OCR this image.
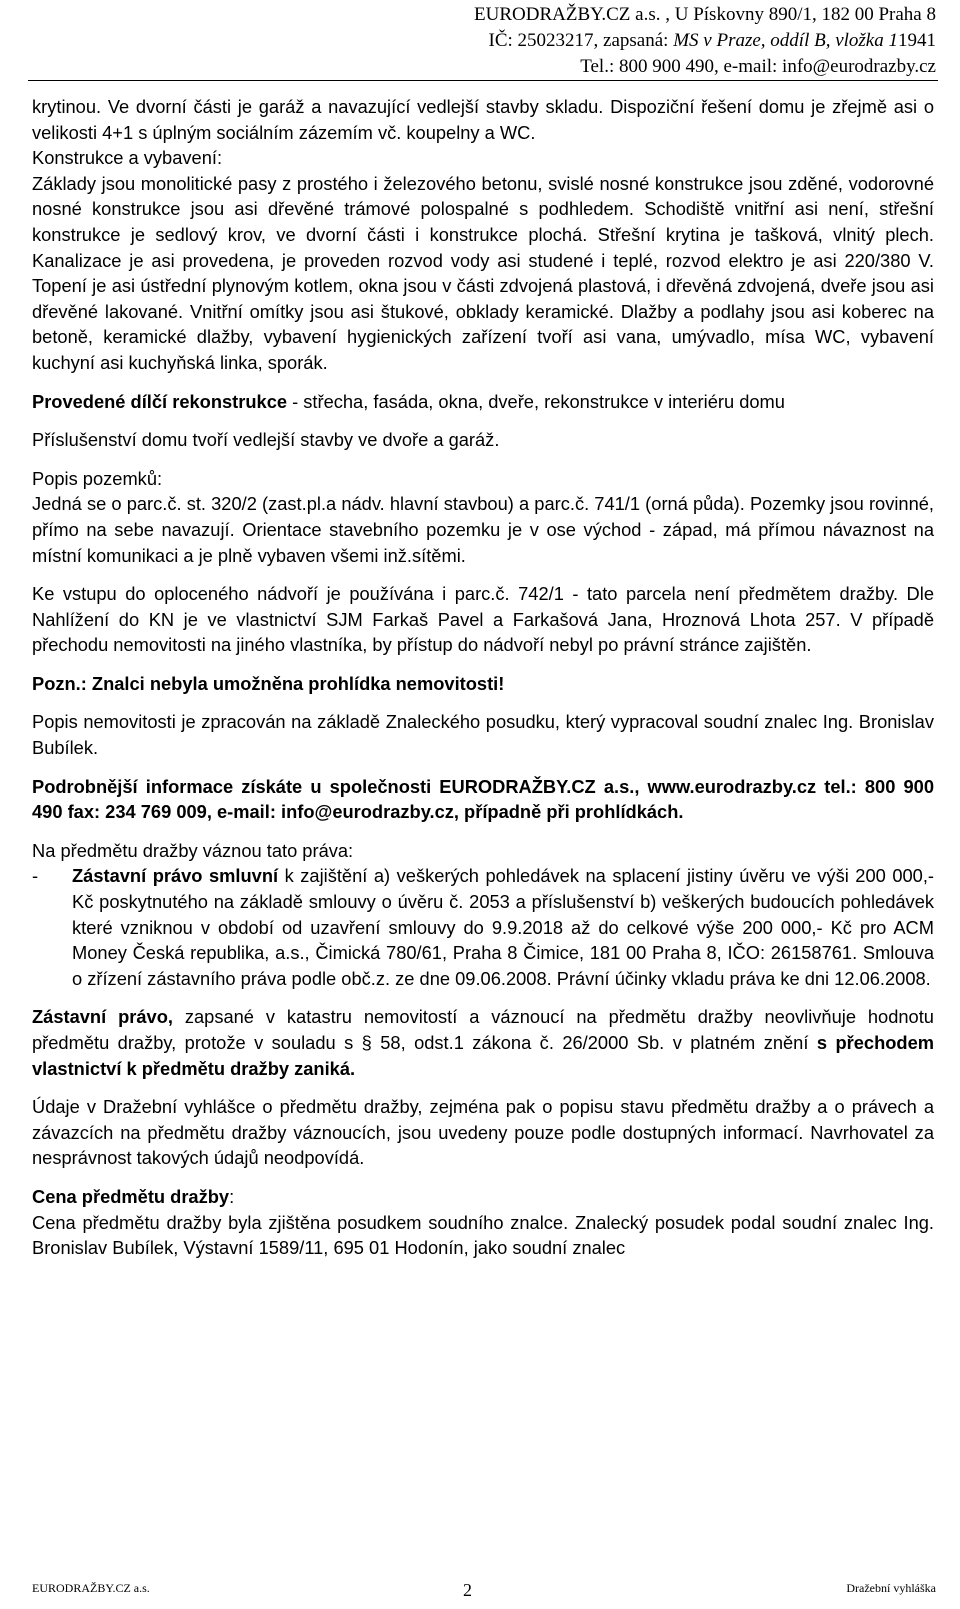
EURODRAŽBY.CZ a.s. , U Pískovny 890/1, 182 00 Praha 8
IČ: 25023217, zapsaná: MS v Praze, oddíl B, vložka 11941
Tel.: 800 900 490, e-mail: info@eurodrazby.cz

krytinou. Ve dvorní části je garáž a navazující vedlejší stavby skladu. Dispoziční řešení domu je zřejmě asi o velikosti 4+1 s úplným sociálním zázemím vč. koupelny a WC.

Konstrukce a vybavení:

Základy jsou monolitické pasy z prostého i železového betonu, svislé nosné konstrukce jsou zděné, vodorovné nosné konstrukce jsou asi dřevěné trámové polospalné s podhledem. Schodiště vnitřní asi není, střešní konstrukce je sedlový krov, ve dvorní části i konstrukce plochá. Střešní krytina je tašková, vlnitý plech. Kanalizace je asi provedena, je proveden rozvod vody asi studené i teplé, rozvod elektro je asi 220/380 V. Topení je asi ústřední plynovým kotlem, okna jsou v části zdvojená plastová, i dřevěná zdvojená, dveře jsou asi dřevěné lakované. Vnitřní omítky jsou asi štukové, obklady keramické. Dlažby a podlahy jsou asi koberec na betoně, keramické dlažby, vybavení hygienických zařízení tvoří asi vana, umývadlo, mísa WC, vybavení kuchyní asi kuchyňská linka, sporák.

Provedené dílčí rekonstrukce - střecha, fasáda, okna, dveře, rekonstrukce v interiéru domu

Příslušenství domu tvoří vedlejší stavby ve dvoře a garáž.

Popis pozemků:

Jedná se o parc.č. st. 320/2 (zast.pl.a nádv. hlavní stavbou) a parc.č. 741/1 (orná půda). Pozemky jsou rovinné, přímo na sebe navazují. Orientace stavebního pozemku je v ose východ - západ, má přímou návaznost na místní komunikaci a je plně vybaven všemi inž.sítěmi.

Ke vstupu do oploceného nádvoří je používána i parc.č. 742/1 - tato parcela není předmětem dražby. Dle Nahlížení do KN je ve vlastnictví SJM Farkaš Pavel a Farkašová Jana, Hroznová Lhota 257. V případě přechodu nemovitosti na jiného vlastníka, by přístup do nádvoří nebyl po právní stránce zajištěn.

Pozn.: Znalci nebyla umožněna prohlídka nemovitosti!

Popis nemovitosti je zpracován na základě Znaleckého posudku, který vypracoval soudní znalec Ing. Bronislav Bubílek.

Podrobnější informace získáte u společnosti EURODRAŽBY.CZ a.s., www.eurodrazby.cz tel.: 800 900 490 fax: 234 769 009, e-mail: info@eurodrazby.cz, případně při prohlídkách.

Na předmětu dražby váznou tato práva:

-	Zástavní právo smluvní k zajištění a) veškerých pohledávek na splacení jistiny úvěru ve výši 200 000,- Kč poskytnutého na základě smlouvy o úvěru č. 2053 a příslušenství b) veškerých budoucích pohledávek které vzniknou v období od uzavření smlouvy do 9.9.2018 až do celkové výše 200 000,- Kč pro ACM Money Česká republika, a.s., Čimická 780/61, Praha 8 Čimice, 181 00 Praha 8, IČO: 26158761. Smlouva o zřízení zástavního práva podle obč.z. ze dne 09.06.2008. Právní účinky vkladu práva ke dni 12.06.2008.

Zástavní právo, zapsané v katastru nemovitostí a váznoucí na předmětu dražby neovlivňuje hodnotu předmětu dražby, protože v souladu s § 58, odst.1 zákona č. 26/2000 Sb. v platném znění s přechodem vlastnictví k předmětu dražby zaniká.

Údaje v Dražební vyhlášce o předmětu dražby, zejména pak o popisu stavu předmětu dražby a o právech a závazcích na předmětu dražby váznoucích, jsou uvedeny pouze podle dostupných informací. Navrhovatel za nesprávnost takových údajů neodpovídá.

Cena předmětu dražby:

Cena předmětu dražby byla zjištěna posudkem soudního znalce. Znalecký posudek podal soudní znalec Ing. Bronislav Bubílek, Výstavní 1589/11, 695 01 Hodonín, jako soudní znalec

EURODRAŽBY.CZ a.s.	2	Dražební vyhláška
